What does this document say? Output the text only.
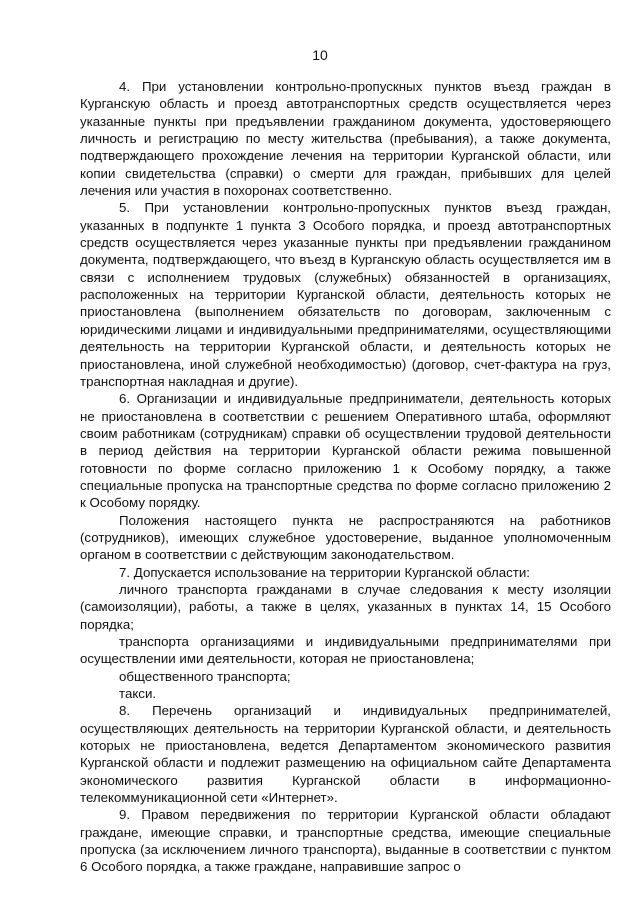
10

4. При установлении контрольно-пропускных пунктов въезд граждан в Курганскую область и проезд автотранспортных средств осуществляется через указанные пункты при предъявлении гражданином документа, удостоверяющего личность и регистрацию по месту жительства (пребывания), а также документа, подтверждающего прохождение лечения на территории Курганской области, или копии свидетельства (справки) о смерти для граждан, прибывших для целей лечения или участия в похоронах соответственно.

5. При установлении контрольно-пропускных пунктов въезд граждан, указанных в подпункте 1 пункта 3 Особого порядка, и проезд автотранспортных средств осуществляется через указанные пункты при предъявлении гражданином документа, подтверждающего, что въезд в Курганскую область осуществляется им в связи с исполнением трудовых (служебных) обязанностей в организациях, расположенных на территории Курганской области, деятельность которых не приостановлена (выполнением обязательств по договорам, заключенным с юридическими лицами и индивидуальными предпринимателями, осуществляющими деятельность на территории Курганской области, и деятельность которых не приостановлена, иной служебной необходимостью) (договор, счет-фактура на груз, транспортная накладная и другие).

6. Организации и индивидуальные предприниматели, деятельность которых не приостановлена в соответствии с решением Оперативного штаба, оформляют своим работникам (сотрудникам) справки об осуществлении трудовой деятельности в период действия на территории Курганской области режима повышенной готовности по форме согласно приложению 1 к Особому порядку, а также специальные пропуска на транспортные средства по форме согласно приложению 2 к Особому порядку.

Положения настоящего пункта не распространяются на работников (сотрудников), имеющих служебное удостоверение, выданное уполномоченным органом в соответствии с действующим законодательством.

7. Допускается использование на территории Курганской области:

личного транспорта гражданами в случае следования к месту изоляции (самоизоляции), работы, а также в целях, указанных в пунктах 14, 15 Особого порядка;

транспорта организациями и индивидуальными предпринимателями при осуществлении ими деятельности, которая не приостановлена;

общественного транспорта;

такси.

8. Перечень организаций и индивидуальных предпринимателей, осуществляющих деятельность на территории Курганской области, и деятельность которых не приостановлена, ведется Департаментом экономического развития Курганской области и подлежит размещению на официальном сайте Департамента экономического развития Курганской области в информационно-телекоммуникационной сети «Интернет».

9. Правом передвижения по территории Курганской области обладают граждане, имеющие справки, и транспортные средства, имеющие специальные пропуска (за исключением личного транспорта), выданные в соответствии с пунктом 6 Особого порядка, а также граждане, направившие запрос о
